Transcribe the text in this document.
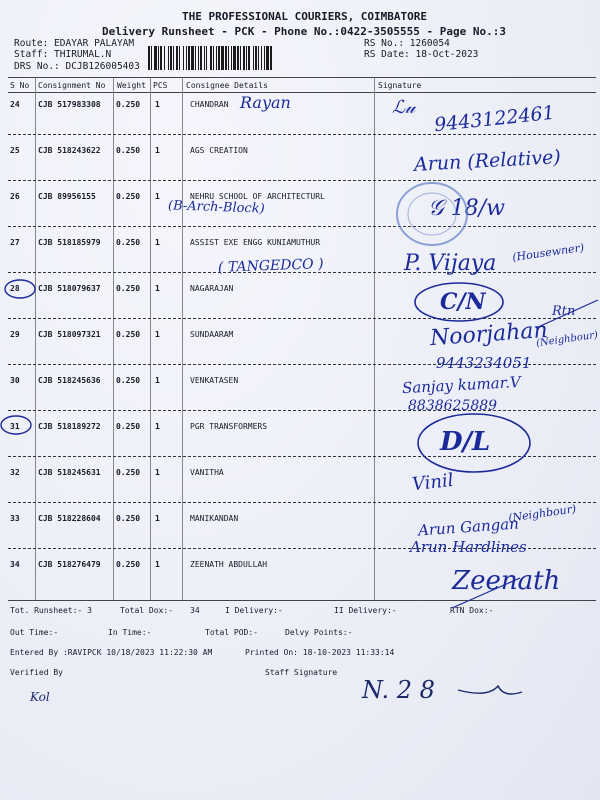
THE PROFESSIONAL COURIERS, COIMBATORE
Delivery Runsheet - PCK - Phone No.:0422-3505555 - Page No.:3
Route: EDAYAR PALAYAM
Staff: THIRUMAL.N
DRS No.: DCJB126005403
RS No.: 1260054
RS Date: 18-Oct-2023
S No Consignment No Weight PCS Consignee Details	Signature
24 CJB 517983308 0.250 1	CHANDRAN
25 CJB 518243622 0.250 1	AGS CREATION
26 CJB 89956155	0.250 1	NEHRU SCHOOL OF ARCHITECTURL
27 CJB 518185979 0.250 1	ASSIST EXE ENGG KUNIAMUTHUR
28 CJB 518079637 0.250 1	NAGARAJAN
29 CJB 518097321 0.250 1	SUNDAARAM
30 CJB 518245636 0.250 1	VENKATASEN
31 CJB 518189272 0.250 1	PGR TRANSFORMERS
32 CJB 518245631 0.250 1	VANITHA
33 CJB 518228604 0.250 1	MANIKANDAN
34 CJB 518276479 0.250 1	ZEENATH ABDULLAH
Tot. Runsheet:- 3	Total Dox:- 34	I Delivery:-	II Delivery:-	RTN Dox:-
Out Time:-	In Time:-	Total POD:-	Delvy Points:-
Entered By :RAVIPCK 10/18/2023 11:22:30 AM	Printed On: 18-10-2023 11:33:14
Verified By	Staff Signature
Rayan	ℒ𝓊 9443122461
Arun (Relative)
(B-Arch-Block)
( TANGEDCO )	P. Vijaya (Housewner)
C/N	Rtn
Noorjahan
(Neighbour)
9443234051
Sanjay kumar.V
8838625889
D/L
Vinil
(Neighbour)
Arun Gangan
Arun Hardlines
Zeenath
N. 2 8
Kol
𝒢 18/w
